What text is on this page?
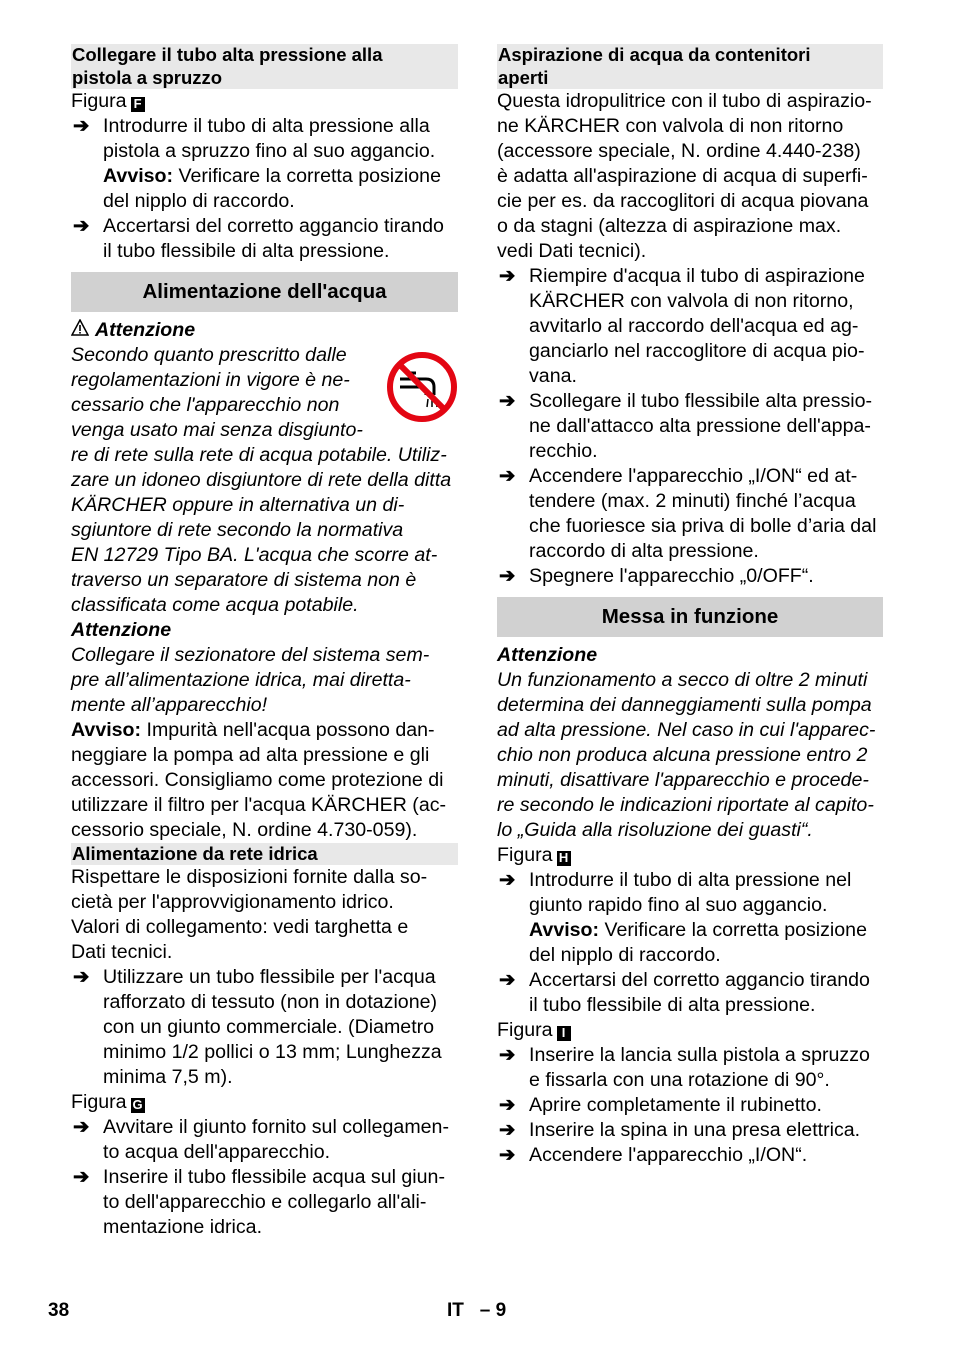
Collegare il tubo alta pressione alla
pistola a spruzzo
Figura F
➔ Introdurre il tubo di alta pressione alla
pistola a spruzzo fino al suo aggancio.
Avviso: Verificare la corretta posizione
del nipplo di raccordo.
➔ Accertarsi del corretto aggancio tirando
il tubo flessibile di alta pressione.
Alimentazione dell'acqua
Attenzione
Secondo quanto prescritto dalle
regolamentazioni in vigore è ne-
cessario che l'apparecchio non
venga usato mai senza disgiunto-
re di rete sulla rete di acqua potabile. Utiliz-
zare un idoneo disgiuntore di rete della ditta
KÄRCHER oppure in alternativa un di-
sgiuntore di rete secondo la normativa
EN 12729 Tipo BA. L'acqua che scorre at-
traverso un separatore di sistema non è
classificata come acqua potabile.
Attenzione
Collegare il sezionatore del sistema sem-
pre all’alimentazione idrica, mai diretta-
mente all’apparecchio!
Avviso: Impurità nell'acqua possono dan-
neggiare la pompa ad alta pressione e gli
accessori. Consigliamo come protezione di
utilizzare il filtro per l'acqua KÄRCHER (ac-
cessorio speciale, N. ordine 4.730-059).
Alimentazione da rete idrica
Rispettare le disposizioni fornite dalla so-
cietà per l'approvvigionamento idrico.
Valori di collegamento: vedi targhetta e
Dati tecnici.
➔ Utilizzare un tubo flessibile per l'acqua
rafforzato di tessuto (non in dotazione)
con un giunto commerciale. (Diametro
minimo 1/2 pollici o 13 mm; Lunghezza
minima 7,5 m).
Figura G
➔ Avvitare il giunto fornito sul collegamen-
to acqua dell'apparecchio.
➔ Inserire il tubo flessibile acqua sul giun-
to dell'apparecchio e collegarlo all'ali-
mentazione idrica.
Aspirazione di acqua da contenitori
aperti
Questa idropulitrice con il tubo di aspirazio-
ne KÄRCHER con valvola di non ritorno
(accessore speciale, N. ordine 4.440-238)
è adatta all'aspirazione di acqua di superfi-
cie per es. da raccoglitori di acqua piovana
o da stagni (altezza di aspirazione max.
vedi Dati tecnici).
➔ Riempire d'acqua il tubo di aspirazione
KÄRCHER con valvola di non ritorno,
avvitarlo al raccordo dell'acqua ed ag-
ganciarlo nel raccoglitore di acqua pio-
vana.
➔ Scollegare il tubo flessibile alta pressio-
ne dall'attacco alta pressione dell'appa-
recchio.
➔ Accendere l'apparecchio „I/ON“ ed at-
tendere (max. 2 minuti) finché l’acqua
che fuoriesce sia priva di bolle d’aria dal
raccordo di alta pressione.
➔ Spegnere l'apparecchio „0/OFF“.
Messa in funzione
Attenzione
Un funzionamento a secco di oltre 2 minuti
determina dei danneggiamenti sulla pompa
ad alta pressione. Nel caso in cui l'apparec-
chio non produca alcuna pressione entro 2
minuti, disattivare l'apparecchio e procede-
re secondo le indicazioni riportate al capito-
lo „Guida alla risoluzione dei guasti“.
Figura H
➔ Introdurre il tubo di alta pressione nel
giunto rapido fino al suo aggancio.
Avviso: Verificare la corretta posizione
del nipplo di raccordo.
➔ Accertarsi del corretto aggancio tirando
il tubo flessibile di alta pressione.
Figura I
➔ Inserire la lancia sulla pistola a spruzzo
e fissarla con una rotazione di 90°.
➔ Aprire completamente il rubinetto.
➔ Inserire la spina in una presa elettrica.
➔ Accendere l'apparecchio „I/ON“.
38	IT   – 9
